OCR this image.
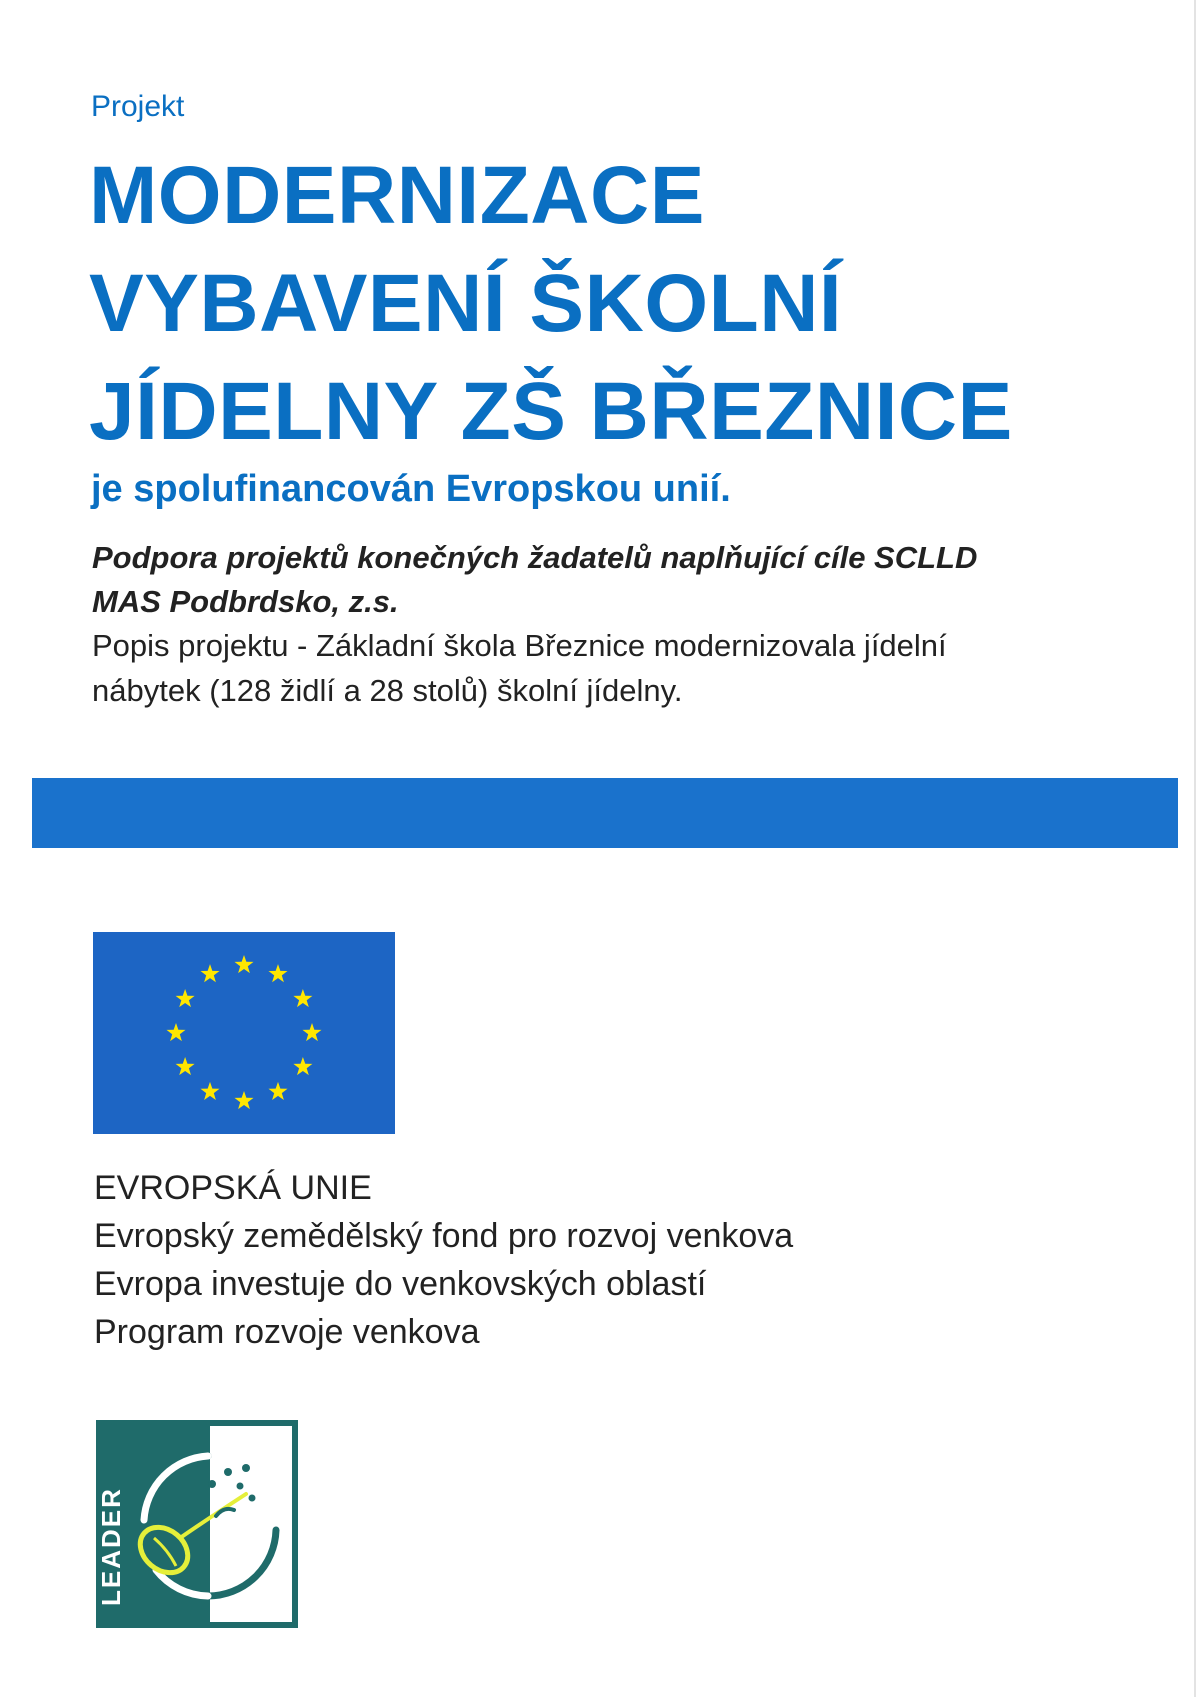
Projekt
MODERNIZACE
VYBAVENÍ ŠKOLNÍ
JÍDELNY ZŠ BŘEZNICE
je spolufinancován Evropskou unií.
Podpora projektů konečných žadatelů naplňující cíle SCLLD
MAS Podbrdsko, z.s.
Popis projektu - Základní škola Březnice modernizovala jídelní
nábytek (128 židlí a 28 stolů) školní jídelny.
EVROPSKÁ UNIE
Evropský zemědělský fond pro rozvoj venkova
Evropa investuje do venkovských oblastí
Program rozvoje venkova
LEADER
